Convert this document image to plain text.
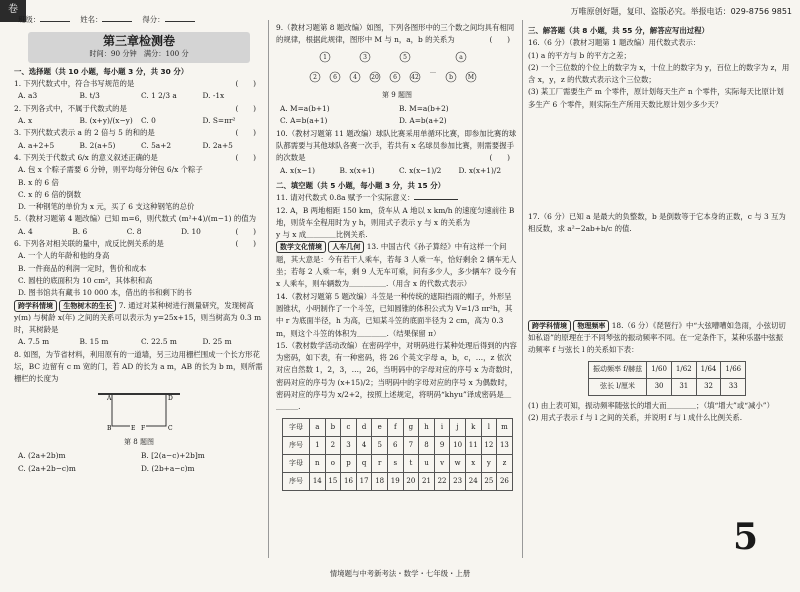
卷	万唯原创好题，复印、盗版必究。举报电话：029-8756 9851
班级：	姓名：	得分：
第三章检测卷
时间：90 分钟　满分：100 分
一、选择题（共 10 小题，每小题 3 分，共 30 分）
1. 下列代数式中，符合书写规范的是	(　　)
A. a3	B. t/3	C. 1 2/3 a	D. -1x
2. 下列各式中，不属于代数式的是	(　　)
A. x	B. (x+y)/(x−y)	C. 0	D. S=πr²
3. 下列代数式表示 a 的 2 倍与 5 的和的是	(　　)
A. a+2+5	B. 2(a+5)	C. 5a+2	D. 2a+5
4. 下列关于代数式 6/x 的意义叙述正确的是	(　　)
A. 包 x 个粽子需要 6 分钟，则平均每分钟包 6/x 个粽子
B. x 的 6 倍
C. x 的 6 倍的倒数
D. 一种钢笔的单价为 x 元，买了 6 支这种钢笔的总价
5.（教材习题第 4 题改编）已知 m=6，则代数式 (m²+4)/(m−1) 的值为
(　　)
A. 4	B. 6	C. 8	D. 10
6. 下列各对相关联的量中，成反比例关系的是	(　　)
A. 一个人的年龄和他的身高
B. 一件商品的利润一定时，售价和成本
C. 圆柱的底面积为 10 cm²，其体积和高
D. 图书馆共有藏书 10 000 本，借出的书和剩下的书
跨学科情境 生物树木的生长 7. 通过对某种树进行测量研究，发现树高 y(m) 与树龄 x(年) 之间的关系可以表示为 y=25x+15，则当树高为 0.3 m 时，其树龄是
A. 7.5 m	B. 15 m	C. 22.5 m	D. 25 m
8. 如图，为节省材料，利用原有的一道墙，另三边用栅栏围成一个长方形花坛，BC 边留有 c m 宽的门，若 AD 的长为 a m，AB 的长为 b m，则所需栅栏的长度为
A	D
B	C
E F
第 8 题图
A. (2a+2b)m	B. [2(a−c)+2b]m
C. (2a+2b−c)m	D. (2b+a−c)m
9.（教材习题第 8 题改编）如图，下列各图形中的三个数之间均具有相同的规律，根据此规律，图形中 M 与 n，a，b 的关系为	(　　)
1
2	6
3
4 20
5
6 42
…
a
b	M
第 9 题图
A. M=a(b+1)	B. M=a(b+2)
C. A=b(a+1)	D. A=b(a+2)
10.（教材习题第 11 题改编）球队比赛采用单循环比赛，即参加比赛的球队都需要与其他球队各赛一次手，若共有 x 名球员参加比赛，则需要握手的次数是	(　　)
A. x(x−1)	B. x(x+1)	C. x(x−1)/2	D. x(x+1)/2
二、填空题（共 5 小题，每小题 3 分，共 15 分）
11. 请对代数式 0.8a 赋予一个实际意义：
12. A，B 两地相距 150 km，货车从 A 地以 x km/h 的速度匀速前往 B 地，则货车全程用时为 y h，则用式子表示 y 与 x 的关系为
y 与 x 成＿＿＿＿比例关系.
数学文化情境 人车几何 13. 中国古代《孙子算经》中有这样一个问题，其大意是：今有若干人乘车，若每 3 人乘一车，恰好剩余 2 辆车无人坐；若每 2 人乘一车，剩 9 人无车可乘，问有多少人，多少辆车？设今有 x 人乘车，则车辆数为＿＿＿＿＿.（用含 x 的代数式表示）
14.（教材习题第 5 题改编）斗笠是一种传统的遮阳挡雨的帽子，外形呈圆锥状，小明制作了一个斗笠，已知圆锥的体积公式为 V=1/3 πr²h，其中 r 为底面半径，h 为高，已知某斗笠的底面半径为 2 cm，高为 0.3 m，则这个斗笠的体积为＿＿＿＿.（结果保留 π）
15.（教材数学活动改编）在密码学中，对明码进行某种处理后得到的内容为密码，如下表，有一种密码，将 26 个英文字母 a，b，c，…，z 依次对应自然数 1，2，3，…，26，当明码中的字母对应的序号 x 为奇数时，密码对应的序号为 (x+15)/2；当明码中的字母对应的序号 x 为偶数时，密码对应的序号为 x/2+2，按照上述规定，将明码“khyu”译成密码是＿＿＿＿.
字母	a	b	c	d	e	f	g	h	i	j	k	l	m
序号	1	2	3	4	5	6	7	8	9	10	11	12	13
字母	n	o	p	q	r	s	t	u	v	w	x	y	z
序号	14	15	16	17	18	19	20	21	22	23	24	25	26
三、解答题（共 8 小题，共 55 分，解答应写出过程）
16.（6 分）（教材习题第 1 题改编）用代数式表示：
(1) a 的平方与 b 的平方之差；
(2) 一个三位数的个位上的数字为 x，十位上的数字为 y，百位上的数字为 z，用含 x，y，z 的代数式表示这个三位数；
(3) 某工厂需要生产 m 个零件，原计划每天生产 n 个零件，实际每天比原计划多生产 6 个零件，则实际生产所用天数比原计划少多少天？
17.（6 分）已知 a 是最大的负整数，b 是倒数等于它本身的正数，c 与 3 互为相反数，求 a²−2ab+b/c 的值.
跨学科情境 物理频率 18.（6 分）《琵琶行》中“大弦嘈嘈如急雨，小弦切切如私语”的原理在于不同琴弦的振动频率不同。在一定条件下，某种乐器中弦振动频率 f 与弦长 l 的关系如下表：
振动频率 f/赫兹	1/60	1/62	1/64	1/66
弦长 l/厘米	30	31	32	33
(1) 由上表可知，振动频率随弦长的增大而＿＿＿＿；（填“增大”或“减小”）
(2) 用式子表示 f 与 l 之间的关系，并说明 f 与 l 成什么比例关系.
5
情境题与中考新考法・数学・七年级・上册
